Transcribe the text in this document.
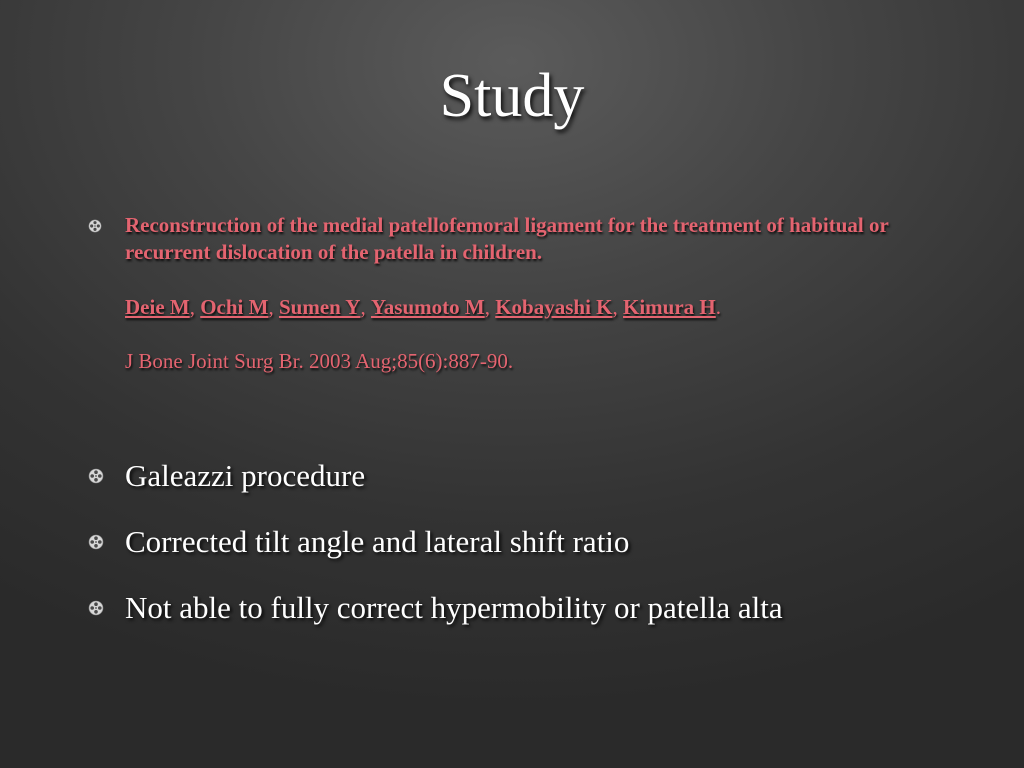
Study

Reconstruction of the medial patellofemoral ligament for the treatment of habitual or recurrent dislocation of the patella in children.

Deie M, Ochi M, Sumen Y, Yasumoto M, Kobayashi K, Kimura H.
J Bone Joint Surg Br. 2003 Aug;85(6):887-90.
Galeazzi procedure
Corrected tilt angle and lateral shift ratio
Not able to fully correct hypermobility or patella alta
